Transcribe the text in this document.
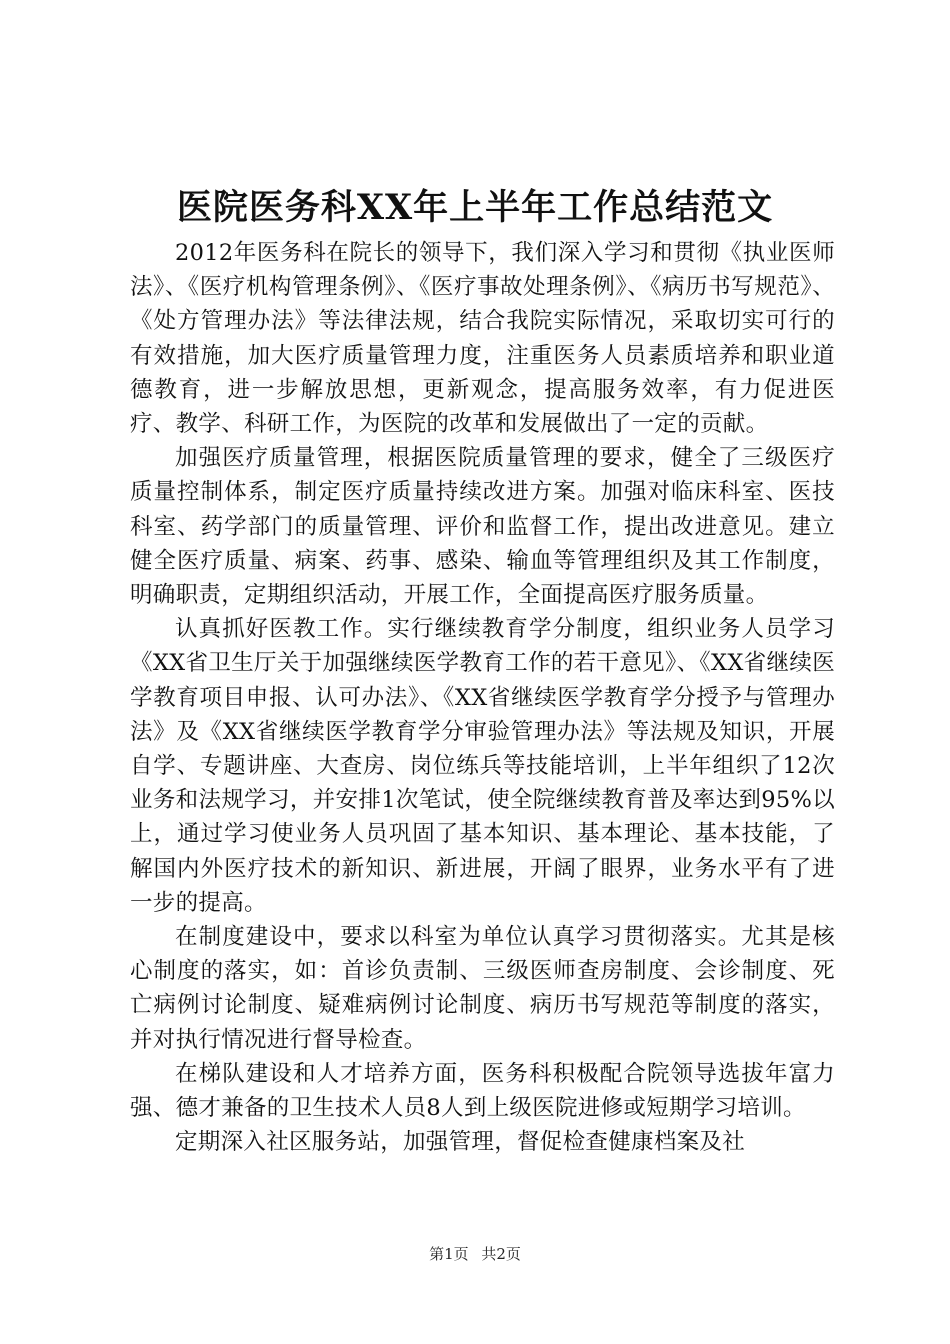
医院医务科XX年上半年工作总结范文

2012年医务科在院长的领导下，我们深入学习和贯彻《执业医师法》、《医疗机构管理条例》、《医疗事故处理条例》、《病历书写规范》、《处方管理办法》等法律法规，结合我院实际情况，采取切实可行的有效措施，加大医疗质量管理力度，注重医务人员素质培养和职业道德教育，进一步解放思想，更新观念，提高服务效率，有力促进医疗、教学、科研工作，为医院的改革和发展做出了一定的贡献。

加强医疗质量管理，根据医院质量管理的要求，健全了三级医疗质量控制体系，制定医疗质量持续改进方案。加强对临床科室、医技科室、药学部门的质量管理、评价和监督工作，提出改进意见。建立健全医疗质量、病案、药事、感染、输血等管理组织及其工作制度，明确职责，定期组织活动，开展工作，全面提高医疗服务质量。

认真抓好医教工作。实行继续教育学分制度，组织业务人员学习《XX省卫生厅关于加强继续医学教育工作的若干意见》、《XX省继续医学教育项目申报、认可办法》、《XX省继续医学教育学分授予与管理办法》及《XX省继续医学教育学分审验管理办法》等法规及知识，开展自学、专题讲座、大查房、岗位练兵等技能培训，上半年组织了12次业务和法规学习，并安排1次笔试，使全院继续教育普及率达到95%以上，通过学习使业务人员巩固了基本知识、基本理论、基本技能，了解国内外医疗技术的新知识、新进展，开阔了眼界，业务水平有了进一步的提高。

在制度建设中，要求以科室为单位认真学习贯彻落实。尤其是核心制度的落实，如：首诊负责制、三级医师查房制度、会诊制度、死亡病例讨论制度、疑难病例讨论制度、病历书写规范等制度的落实，并对执行情况进行督导检查。

在梯队建设和人才培养方面，医务科积极配合院领导选拔年富力强、德才兼备的卫生技术人员8人到上级医院进修或短期学习培训。

定期深入社区服务站，加强管理，督促检查健康档案及社

第1页 共2页
